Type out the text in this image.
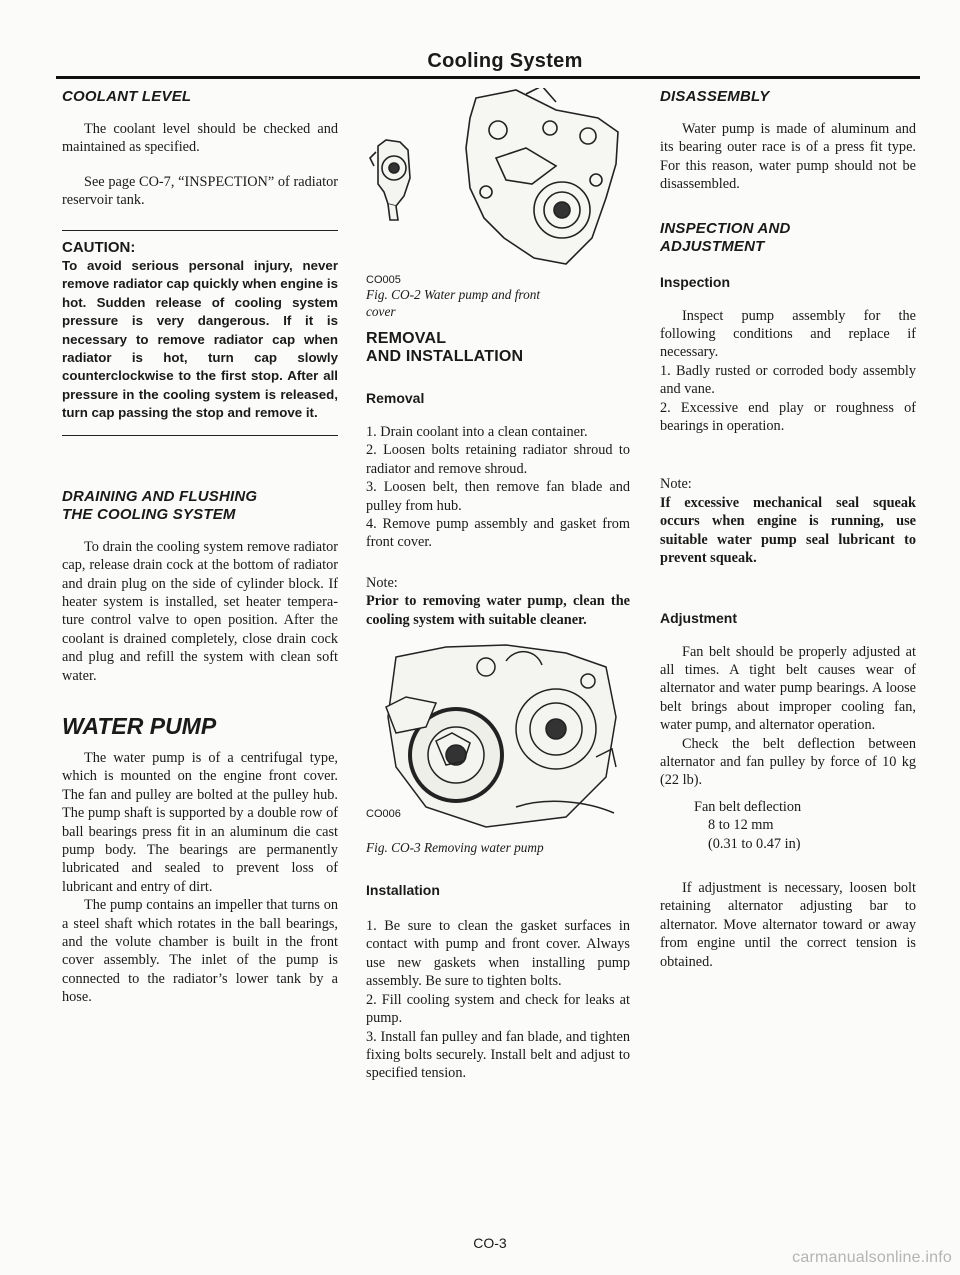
Cooling System

COOLANT LEVEL

The coolant level should be checked and maintained as specified.

See page CO-7, “INSPECTION” of radiator reservoir tank.

CAUTION:

To avoid serious personal injury, never remove radiator cap quickly when engine is hot. Sudden release of cooling system pressure is very dangerous. If it is necessary to remove radiator cap when radiator is hot, turn cap slowly counterclockwise to the first stop. After all pressure in the cooling system is released, turn cap passing the stop and remove it.

DRAINING AND FLUSHING

THE COOLING SYSTEM

To drain the cooling system remove radiator cap, release drain cock at the bottom of radiator and drain plug on the side of cylinder block. If heater system is installed, set heater temperature control valve to open position. After the coolant is drained completely, close drain cock and plug and refill the system with clean soft water.

WATER PUMP

The water pump is of a centrifugal type, which is mounted on the engine front cover. The fan and pulley are bolted at the pulley hub. The pump shaft is supported by a double row of ball bearings press fit in an aluminum die cast pump body. The bearings are permanently lubricated and sealed to prevent loss of lubricant and entry of dirt.

The pump contains an impeller that turns on a steel shaft which rotates in the ball bearings, and the volute chamber is built in the front cover assembly. The inlet of the pump is connected to the radiator’s lower tank by a hose.

CO005

Fig. CO-2 Water pump and front

cover

REMOVAL

AND INSTALLATION

Removal

1. Drain coolant into a clean container.

2. Loosen bolts retaining radiator shroud to radiator and remove shroud.

3. Loosen belt, then remove fan blade and pulley from hub.

4. Remove pump assembly and gasket from front cover.

Note:

Prior to removing water pump, clean the cooling system with suitable cleaner.

CO006

Fig. CO-3 Removing water pump

Installation

1. Be sure to clean the gasket surfaces in contact with pump and front cover. Always use new gaskets when installing pump assembly. Be sure to tighten bolts.

2. Fill cooling system and check for leaks at pump.

3. Install fan pulley and fan blade, and tighten fixing bolts securely. Install belt and adjust to specified tension.

DISASSEMBLY

Water pump is made of aluminum and its bearing outer race is of a press fit type. For this reason, water pump should not be disassembled.

INSPECTION AND

ADJUSTMENT

Inspection

Inspect pump assembly for the following conditions and replace if necessary.

1. Badly rusted or corroded body assembly and vane.

2. Excessive end play or roughness of bearings in operation.

Note:

If excessive mechanical seal squeak occurs when engine is running, use suitable water pump seal lubricant to prevent squeak.

Adjustment

Fan belt should be properly adjusted at all times. A tight belt causes wear of alternator and water pump bearings. A loose belt brings about improper cooling fan, water pump, and alternator operation.

Check the belt deflection between alternator and fan pulley by force of 10 kg (22 lb).

Fan belt deflection

8 to 12 mm

(0.31 to 0.47 in)

If adjustment is necessary, loosen bolt retaining alternator adjusting bar to alternator. Move alternator toward or away from engine until the correct tension is obtained.

CO-3
carmanualsonline.info
